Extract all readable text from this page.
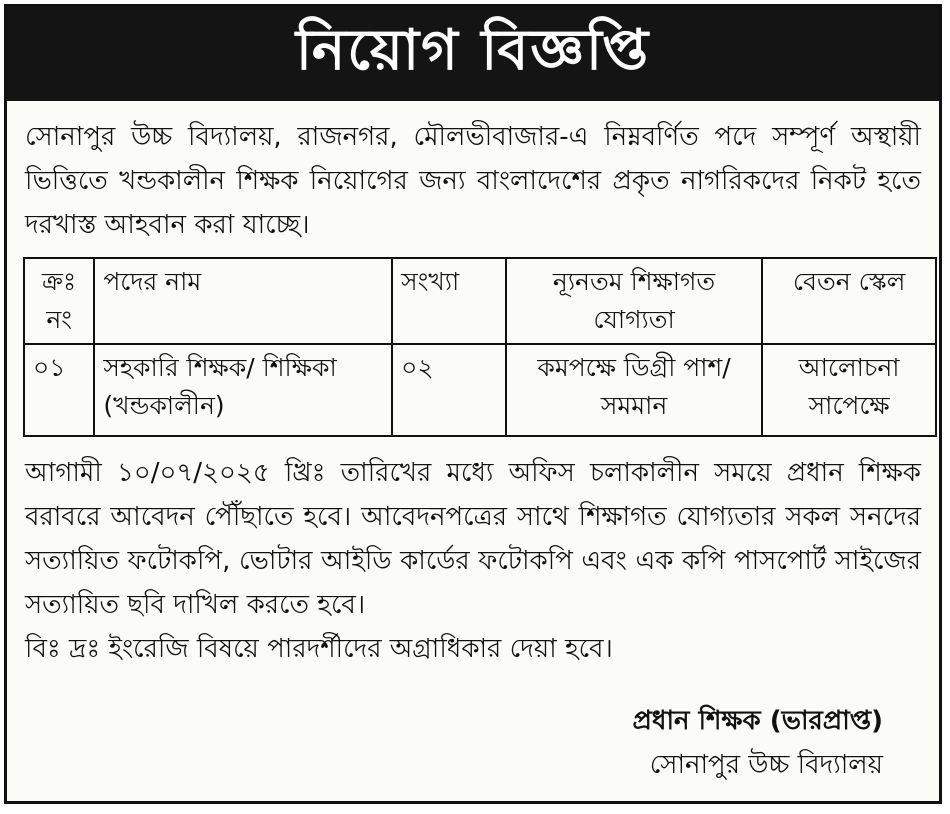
নিয়োগ বিজ্ঞপ্তি
সোনাপুর উচ্চ বিদ্যালয়, রাজনগর, মৌলভীবাজার-এ নিম্নবর্ণিত পদে সম্পূর্ণ অস্থায়ী ভিত্তিতে খন্ডকালীন শিক্ষক নিয়োগের জন্য বাংলাদেশের প্রকৃত নাগরিকদের নিকট হতে দরখাস্ত আহবান করা যাচ্ছে।
ক্রঃ নং	পদের নাম	সংখ্যা	ন্যূনতম শিক্ষাগত যোগ্যতা	বেতন স্কেল
০১	সহকারি শিক্ষক/ শিক্ষিকা (খন্ডকালীন)	০২	কমপক্ষে ডিগ্রী পাশ/সমমান	আলোচনা সাপেক্ষে
আগামী ১০/০৭/২০২৫ খ্রিঃ তারিখের মধ্যে অফিস চলাকালীন সময়ে প্রধান শিক্ষক বরাবরে আবেদন পৌঁছাতে হবে। আবেদনপত্রের সাথে শিক্ষাগত যোগ্যতার সকল সনদের সত্যায়িত ফটোকপি, ভোটার আইডি কার্ডের ফটোকপি এবং এক কপি পাসপোর্ট সাইজের সত্যায়িত ছবি দাখিল করতে হবে।
বিঃ দ্রঃ ইংরেজি বিষয়ে পারদর্শীদের অগ্রাধিকার দেয়া হবে।
প্রধান শিক্ষক (ভারপ্রাপ্ত)
সোনাপুর উচ্চ বিদ্যালয়
